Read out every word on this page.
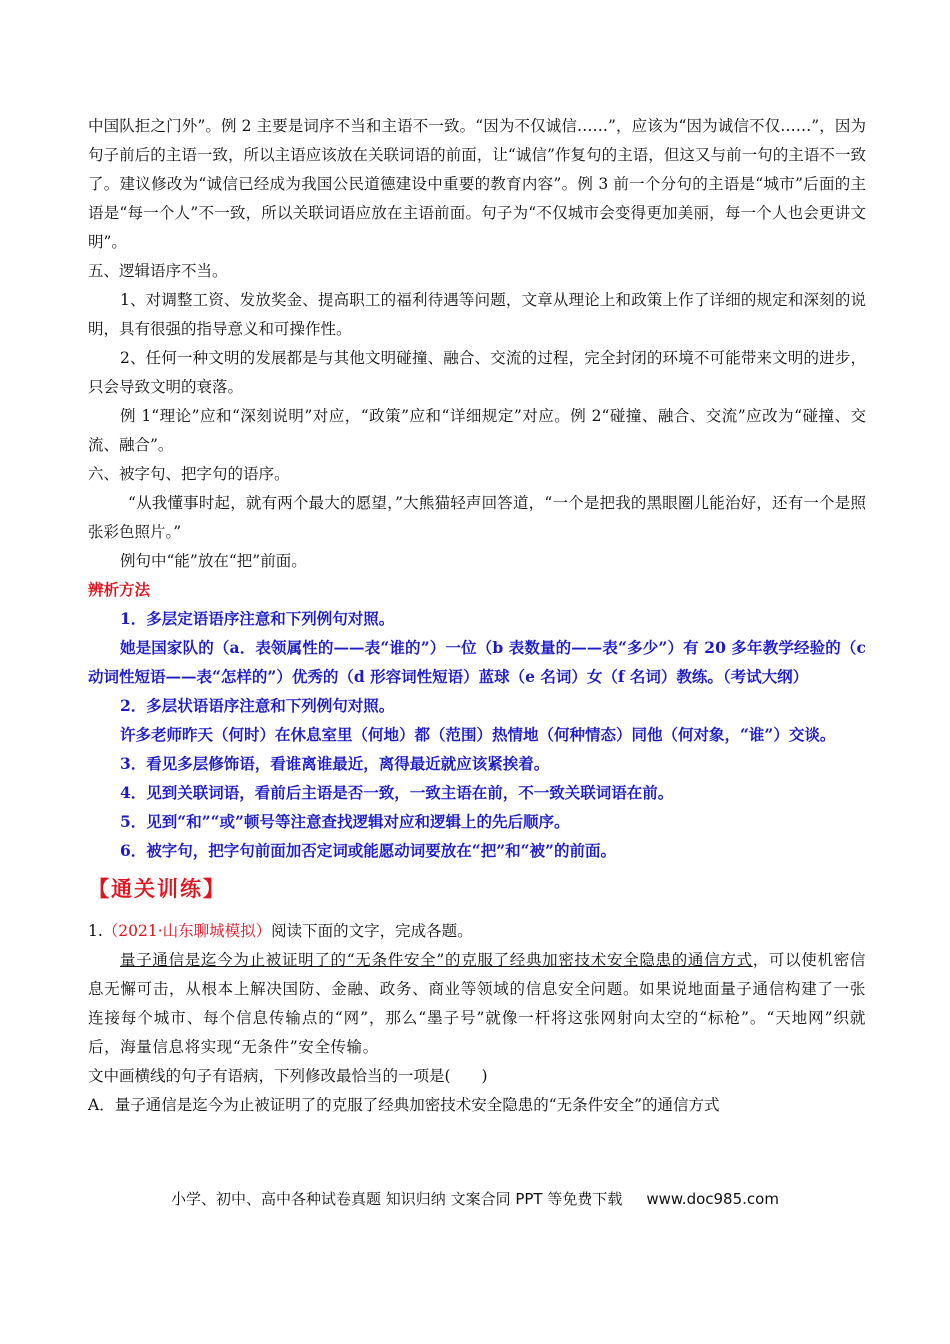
中国队拒之门外”。例 2 主要是词序不当和主语不一致。“因为不仅诚信……”，应该为“因为诚信不仅……”，因为句子前后的主语一致，所以主语应该放在关联词语的前面，让“诚信”作复句的主语，但这又与前一句的主语不一致了。建议修改为“诚信已经成为我国公民道德建设中重要的教育内容”。例 3 前一个分句的主语是“城市”后面的主语是“每一个人”不一致，所以关联词语应放在主语前面。句子为“不仅城市会变得更加美丽，每一个人也会更讲文明”。

五、逻辑语序不当。

1、对调整工资、发放奖金、提高职工的福利待遇等问题，文章从理论上和政策上作了详细的规定和深刻的说明，具有很强的指导意义和可操作性。

2、任何一种文明的发展都是与其他文明碰撞、融合、交流的过程，完全封闭的环境不可能带来文明的进步，只会导致文明的衰落。

例 1“理论”应和“深刻说明”对应，“政策”应和“详细规定”对应。例 2“碰撞、融合、交流”应改为“碰撞、交流、融合”。

六、被字句、把字句的语序。

“从我懂事时起，就有两个最大的愿望，”大熊猫轻声回答道，“一个是把我的黑眼圈儿能治好，还有一个是照张彩色照片。”

例句中“能”放在“把”前面。

辨析方法

1．多层定语语序注意和下列例句对照。

她是国家队的（a．表领属性的——表“谁的”）一位（b 表数量的——表“多少”）有 20 多年教学经验的（c 动词性短语——表“怎样的”）优秀的（d 形容词性短语）蓝球（e 名词）女（f 名词）教练。（考试大纲）

2．多层状语语序注意和下列例句对照。

许多老师昨天（何时）在休息室里（何地）都（范围）热情地（何种情态）同他（何对象，“谁”）交谈。

3．看见多层修饰语，看谁离谁最近，离得最近就应该紧挨着。

4．见到关联词语，看前后主语是否一致，一致主语在前，不一致关联词语在前。

5．见到“和”“或”顿号等注意查找逻辑对应和逻辑上的先后顺序。

6．被字句，把字句前面加否定词或能愿动词要放在“把”和“被”的前面。

【通关训练】

1.（2021·山东聊城模拟）阅读下面的文字，完成各题。

量子通信是迄今为止被证明了的“无条件安全”的克服了经典加密技术安全隐患的通信方式，可以使机密信息无懈可击，从根本上解决国防、金融、政务、商业等领域的信息安全问题。如果说地面量子通信构建了一张连接每个城市、每个信息传输点的“网”，那么“墨子号”就像一杆将这张网射向太空的“标枪”。“天地网”织就后，海量信息将实现“无条件”安全传输。

文中画横线的句子有语病，下列修改最恰当的一项是(　　)

A．量子通信是迄今为止被证明了的克服了经典加密技术安全隐患的“无条件安全”的通信方式

小学、初中、高中各种试卷真题 知识归纳 文案合同 PPT 等免费下载 www.doc985.com
